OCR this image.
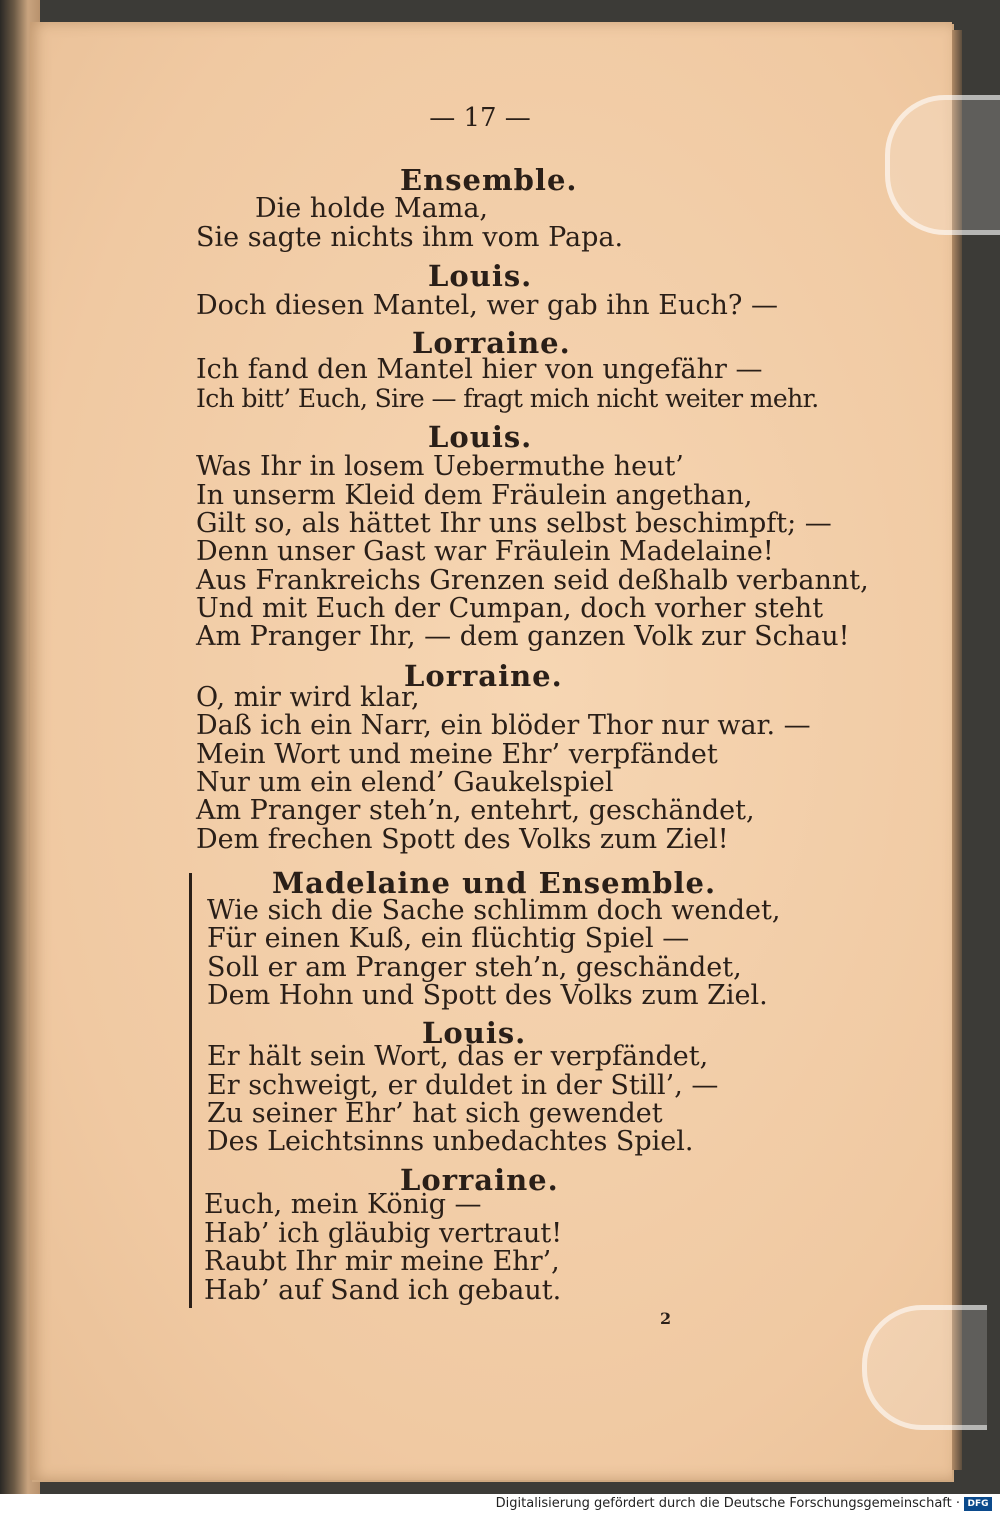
— 17 —
Ensemble.
Die holde Mama,
Sie sagte nichts ihm vom Papa.
Louis.
Doch diesen Mantel, wer gab ihn Euch? —
Lorraine.
Ich fand den Mantel hier von ungefähr —
Ich bitt’ Euch, Sire — fragt mich nicht weiter mehr.
Louis.
Was Ihr in losem Uebermuthe heut’
In unserm Kleid dem Fräulein angethan,
Gilt so, als hättet Ihr uns selbst beschimpft; —
Denn unser Gast war Fräulein Madelaine!
Aus Frankreichs Grenzen seid deßhalb verbannt,
Und mit Euch der Cumpan, doch vorher steht
Am Pranger Ihr, — dem ganzen Volk zur Schau!
Lorraine.
O, mir wird klar,
Daß ich ein Narr, ein blöder Thor nur war. —
Mein Wort und meine Ehr’ verpfändet
Nur um ein elend’ Gaukelspiel
Am Pranger steh’n, entehrt, geschändet,
Dem frechen Spott des Volks zum Ziel!
Madelaine und Ensemble.
Wie sich die Sache schlimm doch wendet,
Für einen Kuß, ein flüchtig Spiel —
Soll er am Pranger steh’n, geschändet,
Dem Hohn und Spott des Volks zum Ziel.
Louis.
Er hält sein Wort, das er verpfändet,
Er schweigt, er duldet in der Still’, —
Zu seiner Ehr’ hat sich gewendet
Des Leichtsinns unbedachtes Spiel.
Lorraine.
Euch, mein König —
Hab’ ich gläubig vertraut!
Raubt Ihr mir meine Ehr’,
Hab’ auf Sand ich gebaut.
2
Digitalisierung gefördert durch die Deutsche Forschungsgemeinschaft · DFG
